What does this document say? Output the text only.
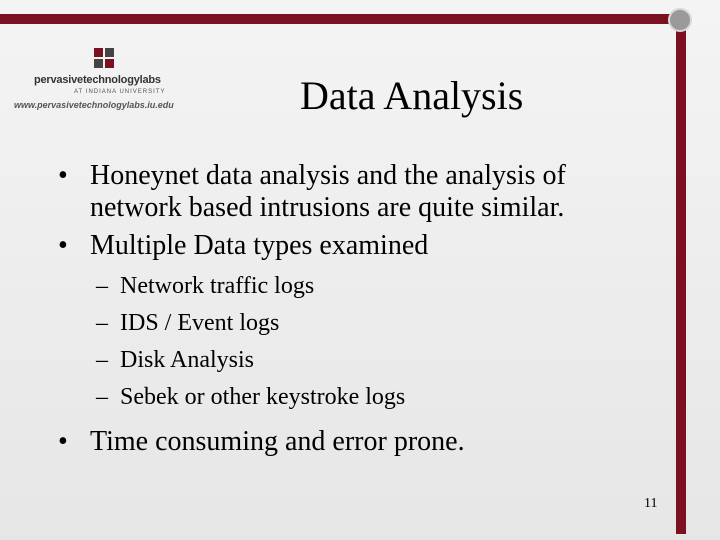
pervasivetechnologylabs
AT INDIANA UNIVERSITY
www.pervasivetechnologylabs.iu.edu	Data Analysis
• Honeynet data analysis and the analysis of network based intrusions are quite similar.
• Multiple Data types examined
– Network traffic logs
– IDS / Event logs
– Disk Analysis
– Sebek or other keystroke logs
• Time consuming and error prone.
11
